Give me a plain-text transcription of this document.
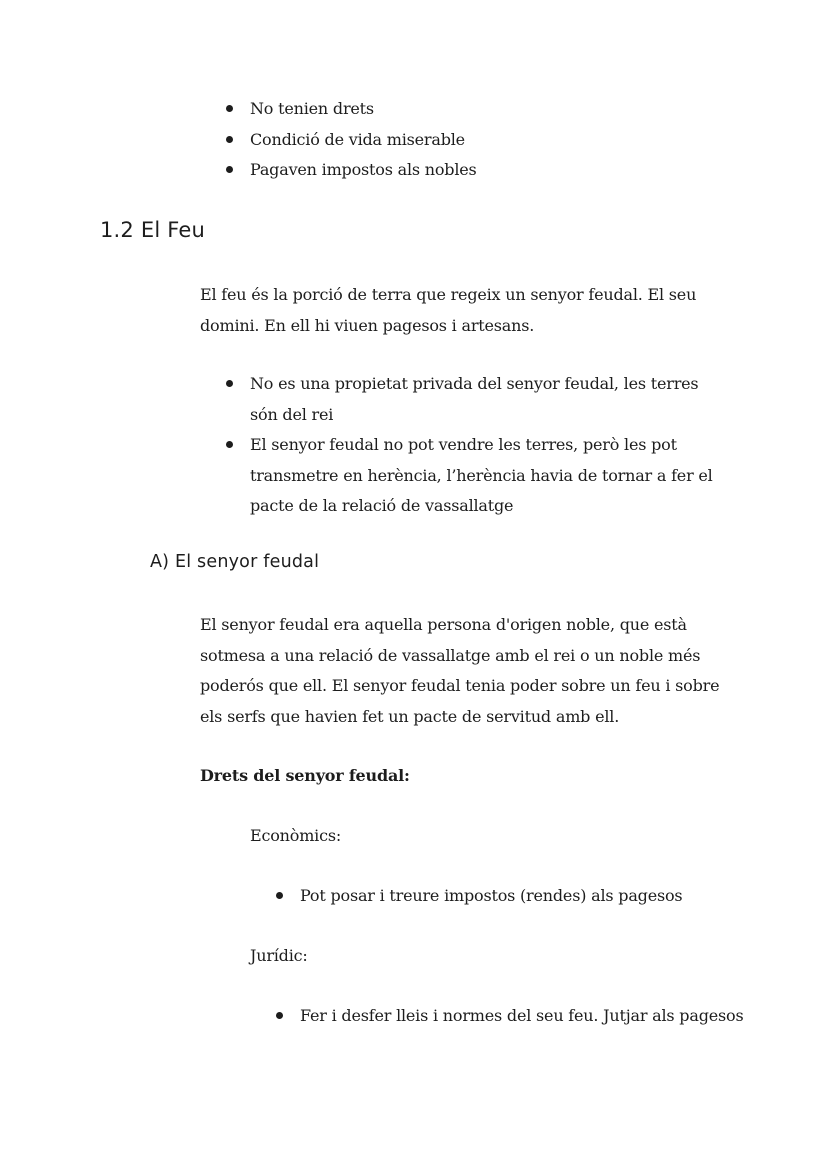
No tenien drets
Condició de vida miserable
Pagaven impostos als nobles
1.2 El Feu

El feu és la porció de terra que regeix un senyor feudal. El seu domini. En ell hi viuen pagesos i artesans.

No es una propietat privada del senyor feudal, les terres són del rei
El senyor feudal no pot vendre les terres, però les pot transmetre en herència, l’herència havia de tornar a fer el pacte de la relació de vassallatge
A) El senyor feudal

El senyor feudal era aquella persona d'origen noble, que està sotmesa a una relació de vassallatge amb el rei o un noble més poderós que ell. El senyor feudal tenia poder sobre un feu i sobre els serfs que havien fet un pacte de servitud amb ell.

Drets del senyor feudal:

Econòmics:

Pot posar i treure impostos (rendes) als pagesos

Jurídic:

Fer i desfer lleis i normes del seu feu. Jutjar als pagesos
